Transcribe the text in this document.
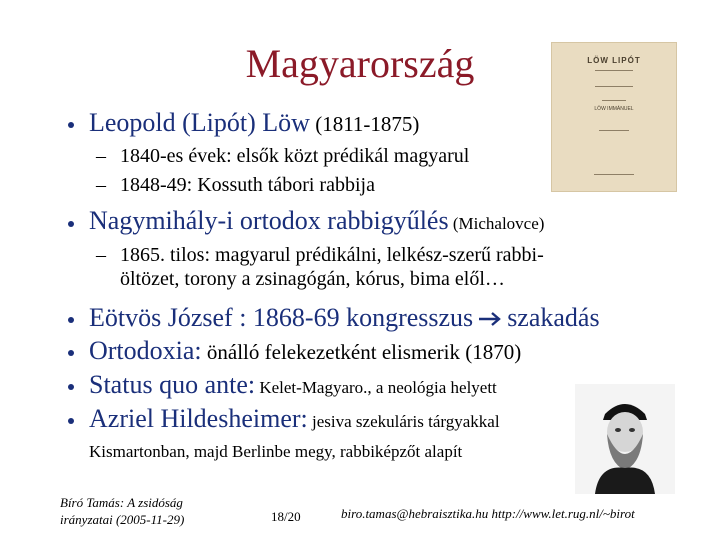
Magyarország	LÖW LIPÓT
LÖW IMMÁNUEL
Leopold (Lipót) Löw (1811-1875)
– 1840-es évek: elsők közt prédikál magyarul
– 1848-49: Kossuth tábori rabbija
Nagymihály-i ortodox rabbigyűlés (Michalovce)
– 1865. tilos: magyarul prédikálni, lelkész-szerű rabbi-
öltözet, torony a zsinagógán, kórus, bima elől…
Eötvös József : 1868-69 kongresszus szakadás
Ortodoxia: önálló felekezetként elismerik (1870)
Status quo ante: Kelet-Magyaro., a neológia helyett
Azriel Hildesheimer: jesiva szekuláris tárgyakkal
Kismartonban, majd Berlinbe megy, rabbiképzőt alapít
Bíró Tamás: A zsidóság
irányzatai (2005-11-29)	18/20	biro.tamas@hebraisztika.hu http://www.let.rug.nl/~birot
